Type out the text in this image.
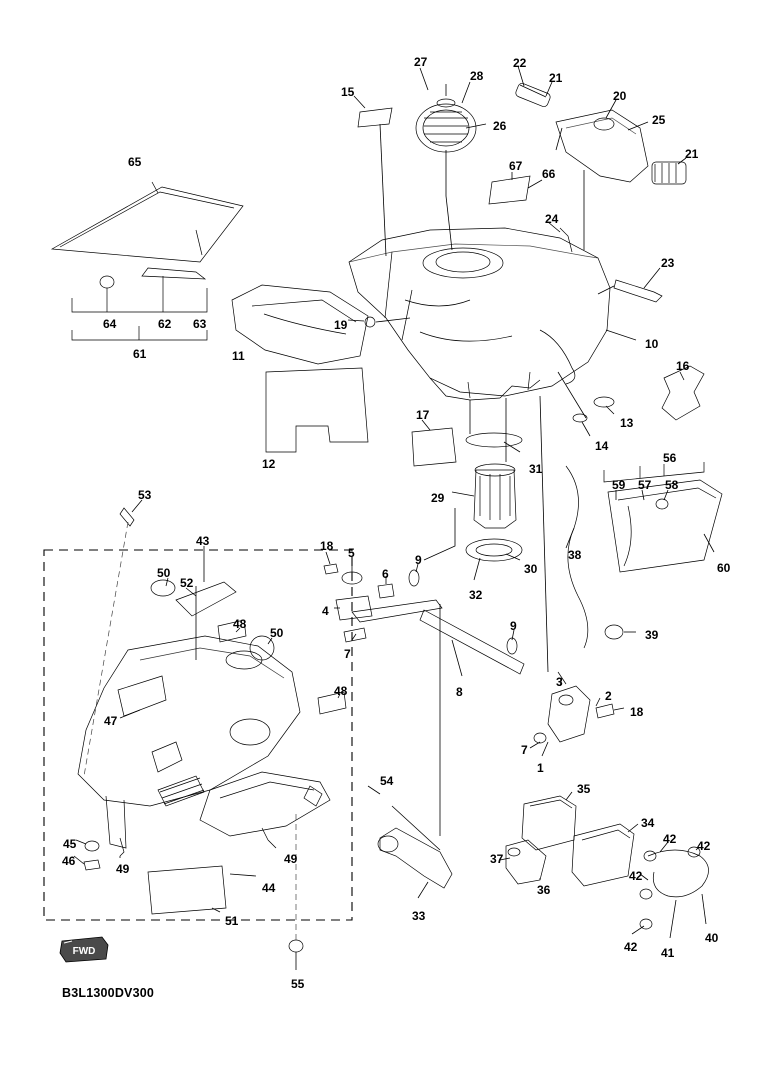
FWD
B3L1300DV300
65
64	62 63
61
15
27
28
22
21
20
25
21
26
67
66
24
23
11
19
10
16
13
14
12
17
31
29
30
32
56
59 57 58
60
38
39
53
43
50
52
48
50
48
47
45
46
49
49
44
51
55
54
33
18 5
6
9
4
7
8
9
3
2
18
7
1
35
34
37
36
42 42
42
42 41
40
